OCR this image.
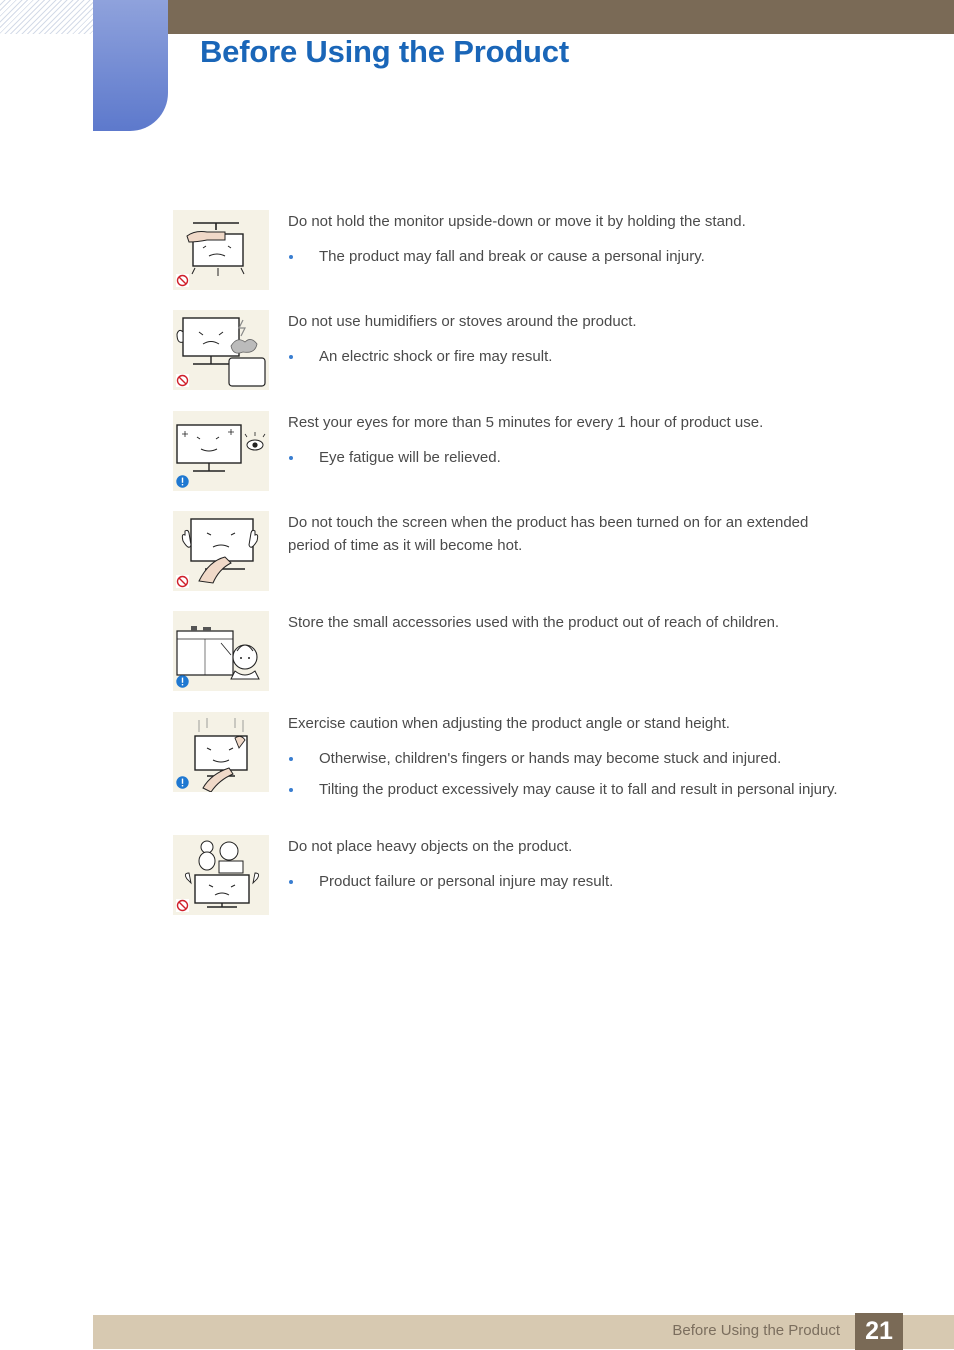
Before Using the Product

Do not hold the monitor upside-down or move it by holding the stand.

The product may fall and break or cause a personal injury.

Do not use humidifiers or stoves around the product.

An electric shock or fire may result.

Rest your eyes for more than 5 minutes for every 1 hour of product use.

Eye fatigue will be relieved.

Do not touch the screen when the product has been turned on for an extended period of time as it will become hot.

Store the small accessories used with the product out of reach of children.

Exercise caution when adjusting the product angle or stand height.

Otherwise, children's fingers or hands may become stuck and injured.
Tilting the product excessively may cause it to fall and result in personal injury.

Do not place heavy objects on the product.

Product failure or personal injure may result.
Before Using the Product	21
